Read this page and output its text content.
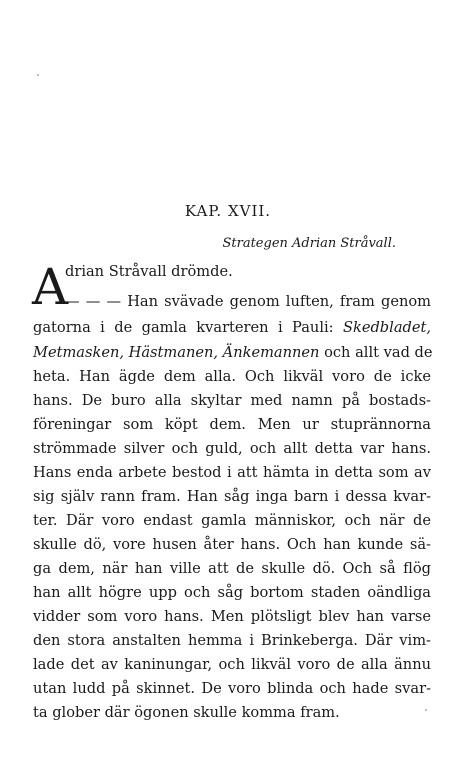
KAP. XVII.
Strategen Adrian Stråvall.
A
drian Stråvall drömde.
— — — Han svävade genom luften, fram genom
gatorna i de gamla kvarteren i Pauli: Skedbladet,
Metmasken, Hästmanen, Änkemannen och allt vad de
heta. Han ägde dem alla. Och likväl voro de icke
hans. De buro alla skyltar med namn på bostads-
föreningar som köpt dem. Men ur stuprännorna
strömmade silver och guld, och allt detta var hans.
Hans enda arbete bestod i att hämta in detta som av
sig själv rann fram. Han såg inga barn i dessa kvar-
ter. Där voro endast gamla människor, och när de
skulle dö, vore husen åter hans. Och han kunde sä-
ga dem, när han ville att de skulle dö. Och så flög
han allt högre upp och såg bortom staden oändliga
vidder som voro hans. Men plötsligt blev han varse
den stora anstalten hemma i Brinkeberga. Där vim-
lade det av kaninungar, och likväl voro de alla ännu
utan ludd på skinnet. De voro blinda och hade svar-
ta glober där ögonen skulle komma fram.
